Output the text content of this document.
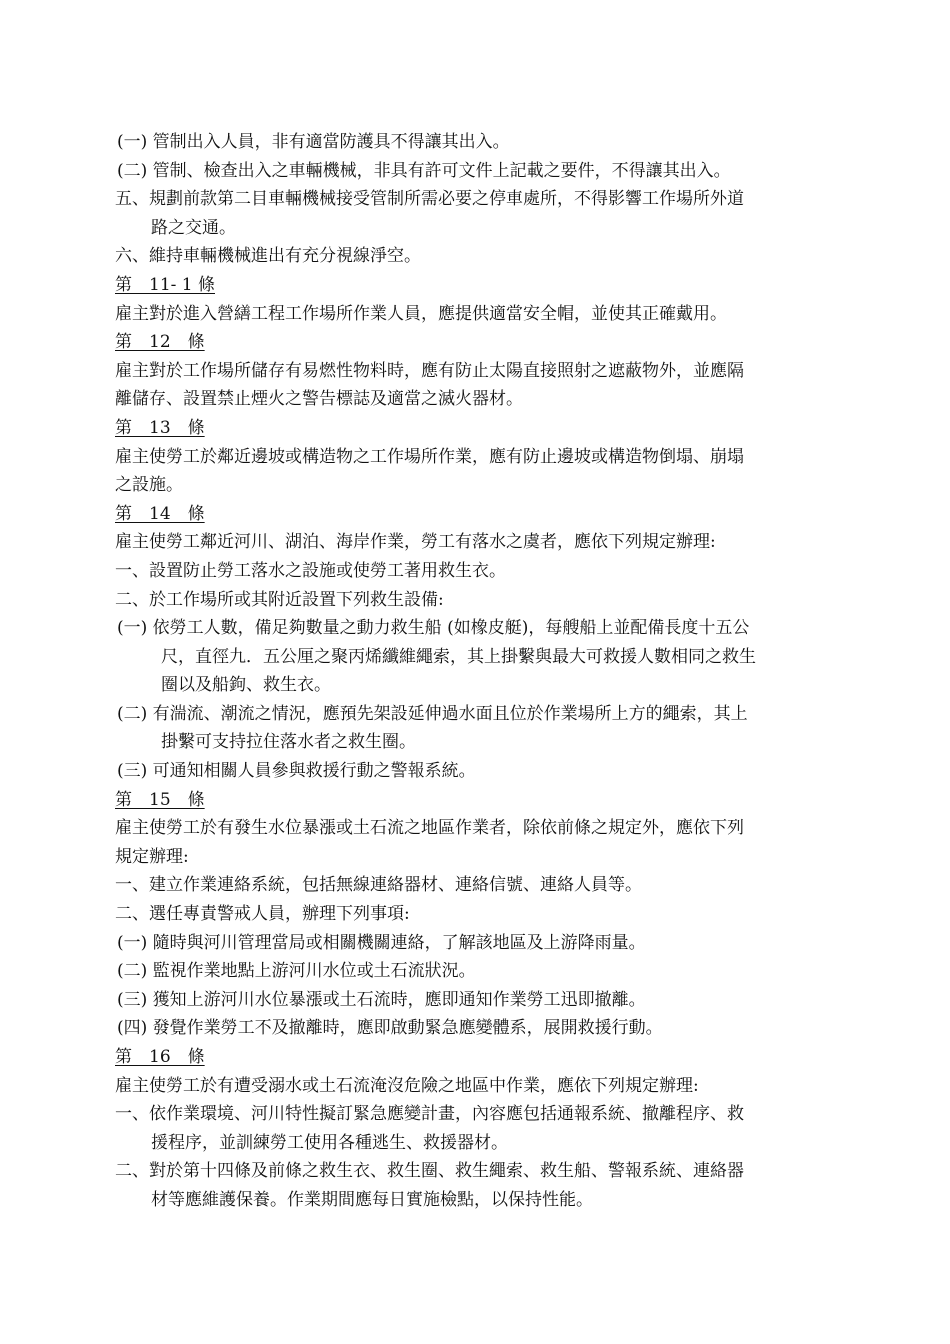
(一) 管制出入人員，非有適當防護具不得讓其出入。
(二) 管制、檢查出入之車輛機械，非具有許可文件上記載之要件，不得讓其出入。
五、規劃前款第二目車輛機械接受管制所需必要之停車處所，不得影響工作場所外道
路之交通。
六、維持車輛機械進出有充分視線淨空。
第　11- 1 條
雇主對於進入營繕工程工作場所作業人員，應提供適當安全帽，並使其正確戴用。
第　12　條
雇主對於工作場所儲存有易燃性物料時，應有防止太陽直接照射之遮蔽物外，並應隔
離儲存、設置禁止煙火之警告標誌及適當之滅火器材。
第　13　條
雇主使勞工於鄰近邊坡或構造物之工作場所作業，應有防止邊坡或構造物倒塌、崩塌
之設施。
第　14　條
雇主使勞工鄰近河川、湖泊、海岸作業，勞工有落水之虞者，應依下列規定辦理:
一、設置防止勞工落水之設施或使勞工著用救生衣。
二、於工作場所或其附近設置下列救生設備:
(一) 依勞工人數，備足夠數量之動力救生船 (如橡皮艇)，每艘船上並配備長度十五公
尺，直徑九．五公厘之聚丙烯纖維繩索，其上掛繫與最大可救援人數相同之救生
圈以及船鉤、救生衣。
(二) 有湍流、潮流之情況，應預先架設延伸過水面且位於作業場所上方的繩索，其上
掛繫可支持拉住落水者之救生圈。
(三) 可通知相關人員參與救援行動之警報系統。
第　15　條
雇主使勞工於有發生水位暴漲或土石流之地區作業者，除依前條之規定外，應依下列
規定辦理:
一、建立作業連絡系統，包括無線連絡器材、連絡信號、連絡人員等。
二、選任專責警戒人員，辦理下列事項:
(一) 隨時與河川管理當局或相關機關連絡，了解該地區及上游降雨量。
(二) 監視作業地點上游河川水位或土石流狀況。
(三) 獲知上游河川水位暴漲或土石流時，應即通知作業勞工迅即撤離。
(四) 發覺作業勞工不及撤離時，應即啟動緊急應變體系，展開救援行動。
第　16　條
雇主使勞工於有遭受溺水或土石流淹沒危險之地區中作業，應依下列規定辦理:
一、依作業環境、河川特性擬訂緊急應變計畫，內容應包括通報系統、撤離程序、救
援程序，並訓練勞工使用各種逃生、救援器材。
二、對於第十四條及前條之救生衣、救生圈、救生繩索、救生船、警報系統、連絡器
材等應維護保養。作業期間應每日實施檢點，以保持性能。
